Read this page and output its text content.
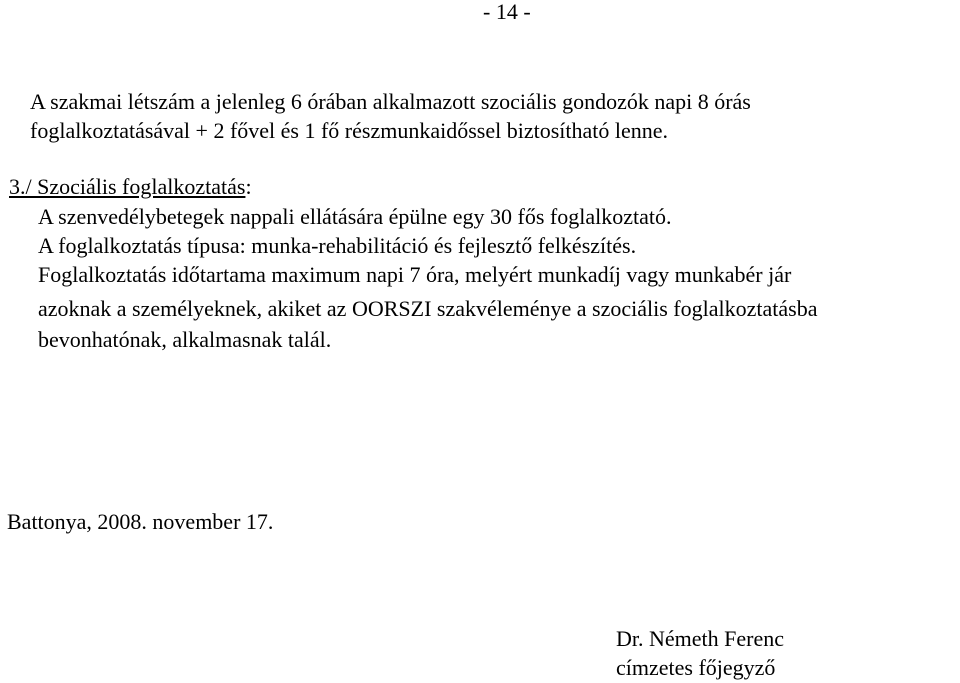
- 14 -
A szakmai létszám a jelenleg 6 órában alkalmazott szociális gondozók napi 8 órás
foglalkoztatásával + 2 fővel és 1 fő részmunkaidőssel biztosítható lenne.
3./ Szociális foglalkoztatás:
A szenvedélybetegek nappali ellátására épülne egy 30 fős foglalkoztató.
A foglalkoztatás típusa: munka-rehabilitáció és fejlesztő felkészítés.
Foglalkoztatás időtartama maximum napi 7 óra, melyért munkadíj vagy munkabér jár
azoknak a személyeknek, akiket az OORSZI szakvéleménye a szociális foglalkoztatásba
bevonhatónak, alkalmasnak talál.
Battonya, 2008. november 17.
Dr. Németh Ferenc
címzetes főjegyző
